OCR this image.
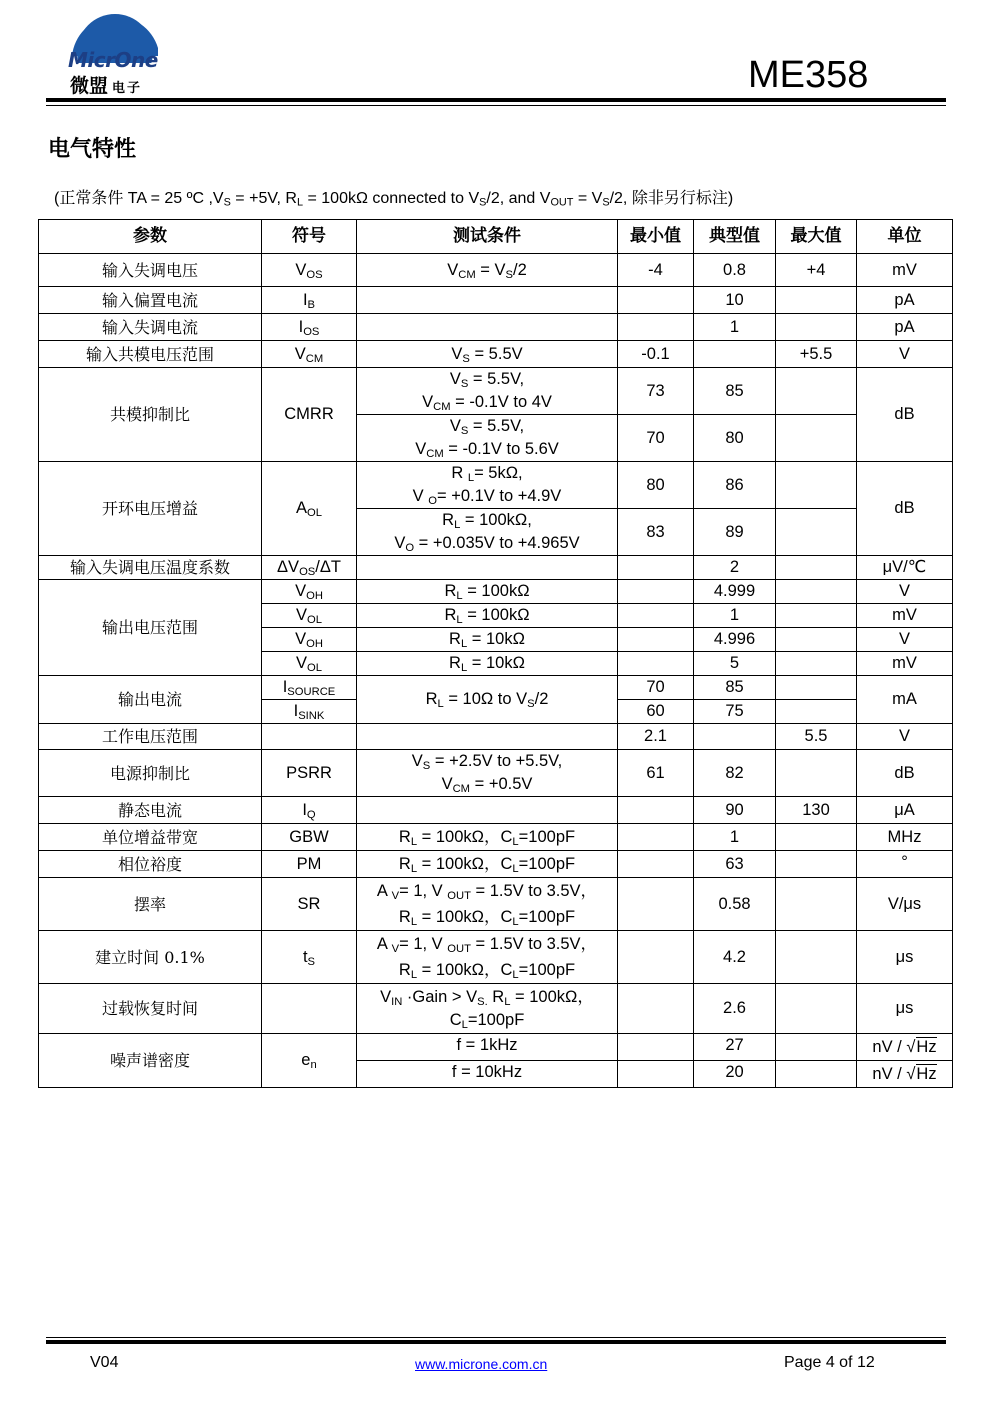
MicrOne
微盟 电子	ME358
电气特性
(正常条件 TA = 25 ºC $,V_S = +5V$, $R_L = 100k\Omega$ connected to $V_S/2$, and $V_{OUT} = V_S/2$, 除非另行标注)
参数	符号	测试条件	最小值	典型值	最大值	单位
输入失调电压	$V_{OS}$	$V_{CM} = V_S/2$	-4	0.8	+4	mV
输入偏置电流	$I_B$			10		pA
输入失调电流	$I_{OS}$			1		pA
输入共模电压范围	$V_{CM}$	$V_S = 5.5V$	-0.1		+5.5	V
共模抑制比	CMRR	$V_S = 5.5V$,
$V_{CM} = -0.1V$ to 4V	73	85		dB
		$V_S = 5.5V$,
$V_{CM} = -0.1V$ to 5.6V	70	80		
开环电压增益	$A_{OL}$	R $_L$= 5kΩ,
V $_O$= +0.1V to +4.9V	80	86		dB
		$R_L = 100k\Omega$,
$V_O = +0.035V$ to +4.965V	83	89		
输入失调电压温度系数	$\Delta V_{OS}/\Delta T$			2		μV/℃
输出电压范围	$V_{OH}$	$R_L = 100k\Omega$		4.999		V
	$V_{OL}$	$R_L = 100k\Omega$		1		mV
	$V_{OH}$	$R_L = 10k\Omega$		4.996		V
	$V_{OL}$	$R_L = 10k\Omega$		5		mV
输出电流	$I_{SOURCE}$	$R_L = 10\Omega$ to $V_S/2$	70	85		mA
	$I_{SINK}$		60	75		
工作电压范围			2.1		5.5	V
电源抑制比	PSRR	$V_S = +2.5V$ to +5.5V,
$V_{CM} = +0.5V$	61	82		dB
静态电流	$I_Q$			90	130	μA
单位增益带宽	GBW	$R_L = 100k\Omega$，$C_L=100pF$		1		MHz
相位裕度	PM	$R_L = 100k\Omega$，$C_L=100pF$		63		°
摆率	SR	A $_V$= 1, V $_{OUT}$ = 1.5V to 3.5V，
$R_L = 100k\Omega$，$C_L=100pF$		0.58		V/μs
建立时间 0.1%	$t_S$	A $_V$= 1, V $_{OUT}$ = 1.5V to 3.5V，
$R_L = 100k\Omega$，$C_L=100pF$		4.2		μs
过载恢复时间		$V_{IN}$ ·Gain > $V_{S.}$ $R_L = 100k\Omega$，
$C_L=100pF$		2.6		μs
噪声谱密度	$e_n$	f = 1kHz		27		nV / √Hz
		f = 10kHz		20		nV / √Hz
V04	www.microne.com.cn	Page 4 of 12
